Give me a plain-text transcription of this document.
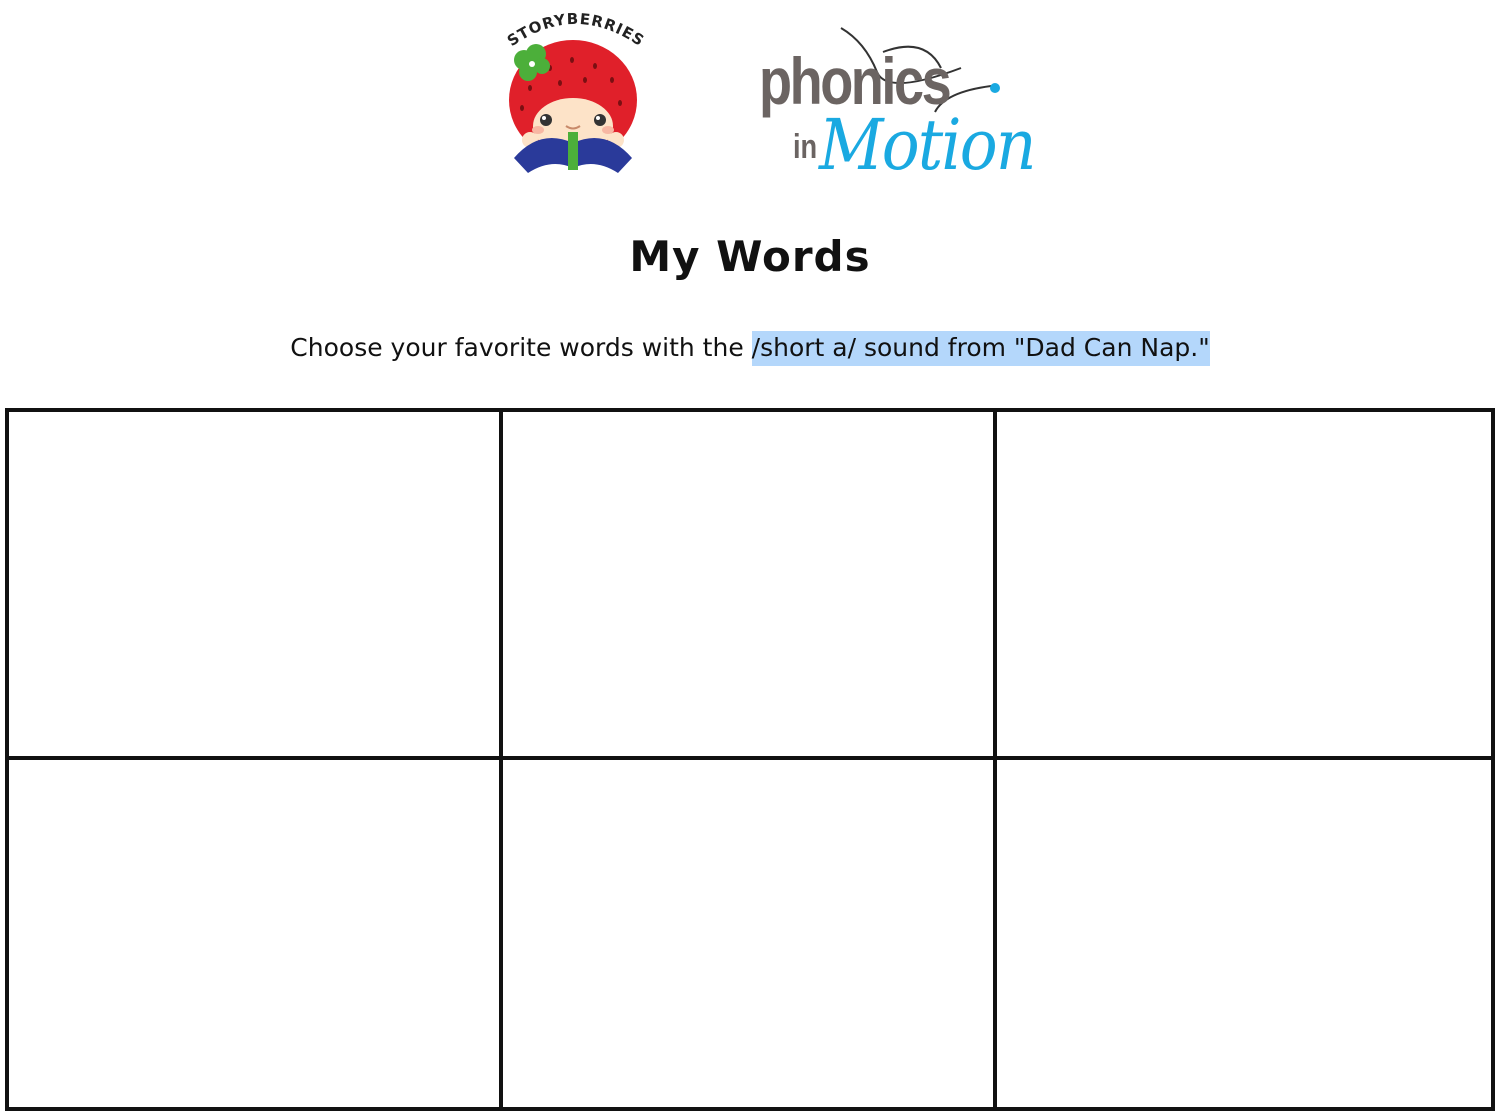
STORYBERRIES
phonics
in Motion
My Words
Choose your favorite words with the /short a/ sound from "Dad Can Nap."
